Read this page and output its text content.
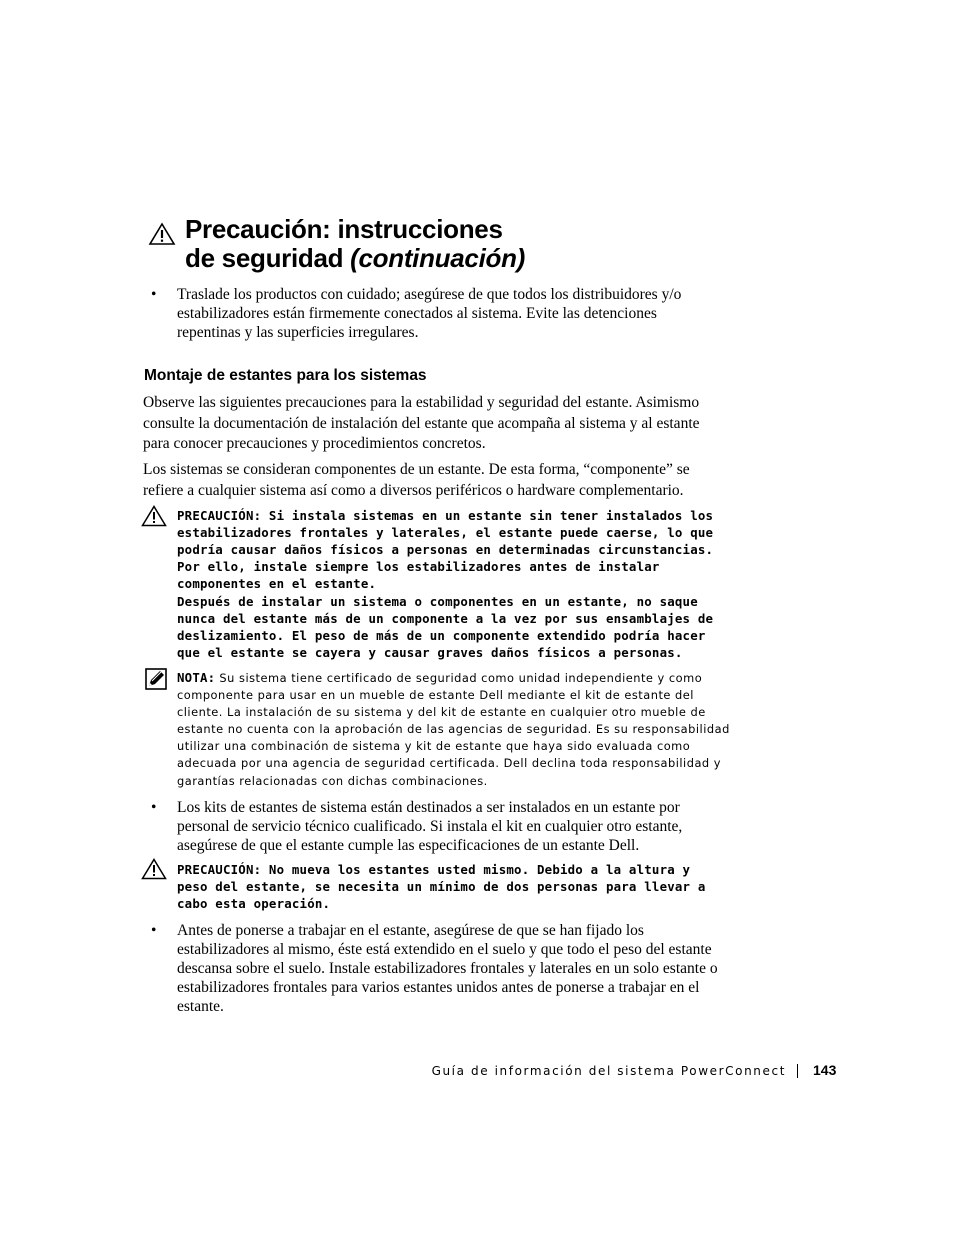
Precaución: instrucciones
de seguridad (continuación)
•	Traslade los productos con cuidado; asegúrese de que todos los distribuidores y/o estabilizadores están firmemente conectados al sistema. Evite las detenciones repentinas y las superficies irregulares.

Montaje de estantes para los sistemas

Observe las siguientes precauciones para la estabilidad y seguridad del estante. Asimismo consulte la documentación de instalación del estante que acompaña al sistema y al estante para conocer precauciones y procedimientos concretos.

Los sistemas se consideran componentes de un estante. De esta forma, “componente” se refiere a cualquier sistema así como a diversos periféricos o hardware complementario.

PRECAUCIÓN: Si instala sistemas en un estante sin tener instalados los estabilizadores frontales y laterales, el estante puede caerse, lo que podría causar daños físicos a personas en determinadas circunstancias. Por ello, instale siempre los estabilizadores antes de instalar componentes en el estante.

Después de instalar un sistema o componentes en un estante, no saque nunca del estante más de un componente a la vez por sus ensamblajes de deslizamiento. El peso de más de un componente extendido podría hacer que el estante se cayera y causar graves daños físicos a personas.

NOTA: Su sistema tiene certificado de seguridad como unidad independiente y como componente para usar en un mueble de estante Dell mediante el kit de estante del cliente. La instalación de su sistema y del kit de estante en cualquier otro mueble de estante no cuenta con la aprobación de las agencias de seguridad. Es su responsabilidad utilizar una combinación de sistema y kit de estante que haya sido evaluada como adecuada por una agencia de seguridad certificada. Dell declina toda responsabilidad y garantías relacionadas con dichas combinaciones.

•	Los kits de estantes de sistema están destinados a ser instalados en un estante por personal de servicio técnico cualificado. Si instala el kit en cualquier otro estante, asegúrese de que el estante cumple las especificaciones de un estante Dell.

PRECAUCIÓN: No mueva los estantes usted mismo. Debido a la altura y peso del estante, se necesita un mínimo de dos personas para llevar a cabo esta operación.

•	Antes de ponerse a trabajar en el estante, asegúrese de que se han fijado los estabilizadores al mismo, éste está extendido en el suelo y que todo el peso del estante descansa sobre el suelo. Instale estabilizadores frontales y laterales en un solo estante o estabilizadores frontales para varios estantes unidos antes de ponerse a trabajar en el estante.

Guía de información del sistema PowerConnect 143
